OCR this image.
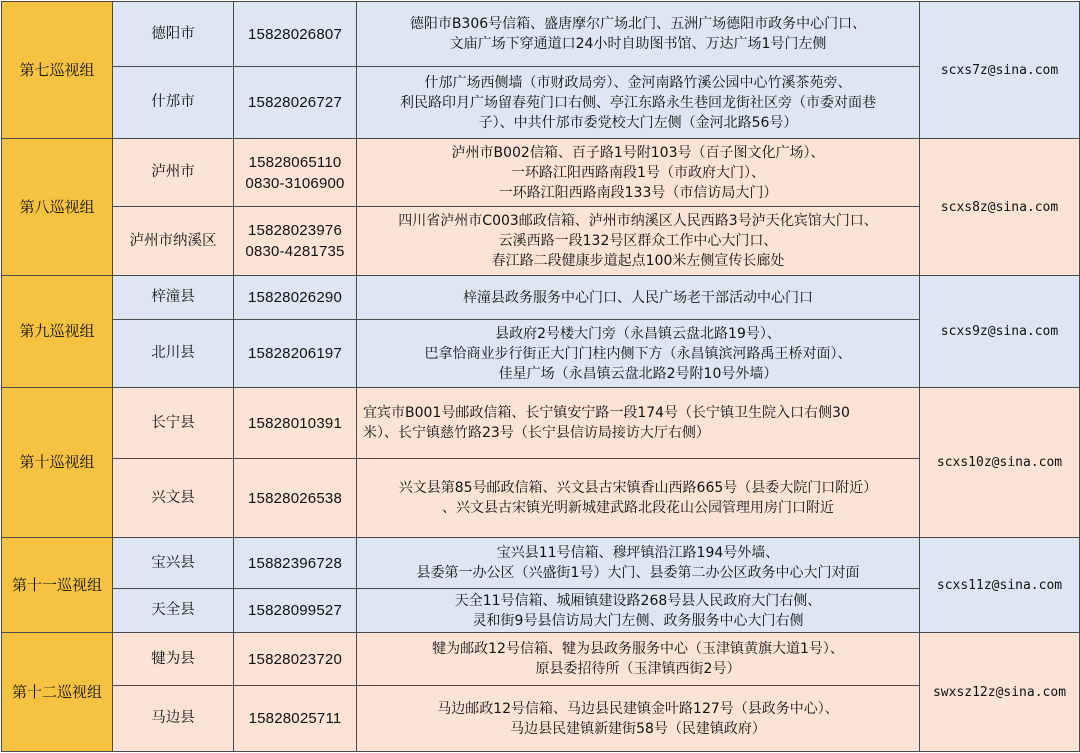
第七巡视组	德阳市	15828026807	德阳市B306号信箱、盛唐摩尔广场北门、五洲广场德阳市政务中心门口、
文庙广场下穿通道口24小时自助图书馆、万达广场1号门左侧	scxs7z@sina.com
	什邡市	15828026727	什邡广场西侧墙（市财政局旁）、金河南路竹溪公园中心竹溪茶苑旁、
利民路印月广场留春苑门口右侧、亭江东路永生巷回龙街社区旁（市委对面巷
子）、中共什邡市委党校大门左侧（金河北路56号）	

第八巡视组	泸州市	15828065110
0830-3106900	泸州市B002信箱、百子路1号附103号（百子图文化广场）、
一环路江阳西路南段1号（市政府大门）、
一环路江阳西路南段133号（市信访局大门）	scxs8z@sina.com
	泸州市纳溪区	15828023976
0830-4281735	四川省泸州市C003邮政信箱、泸州市纳溪区人民西路3号泸天化宾馆大门口、
云溪西路一段132号区群众工作中心大门口、
春江路二段健康步道起点100米左侧宣传长廊处	

第九巡视组	梓潼县	15828026290	梓潼县政务服务中心门口、人民广场老干部活动中心门口	scxs9z@sina.com
	北川县	15828206197	县政府2号楼大门旁（永昌镇云盘北路19号）、
巴拿恰商业步行街正大门门柱内侧下方（永昌镇滨河路禹王桥对面）、
佳星广场（永昌镇云盘北路2号附10号外墙）	

第十巡视组	长宁县	15828010391	宜宾市B001号邮政信箱、长宁镇安宁路一段174号（长宁镇卫生院入口右侧30
米）、长宁镇慈竹路23号（长宁县信访局接访大厅右侧）	scxs10z@sina.com
	兴文县	15828026538	兴文县第85号邮政信箱、兴文县古宋镇香山西路665号（县委大院门口附近）
、兴文县古宋镇光明新城建武路北段花山公园管理用房门口附近	

第十一巡视组	宝兴县	15882396728	宝兴县11号信箱、穆坪镇沿江路194号外墙、
县委第一办公区（兴盛街1号）大门、县委第二办公区政务中心大门对面	scxs11z@sina.com
	天全县	15828099527	天全11号信箱、城厢镇建设路268号县人民政府大门右侧、
灵和街9号县信访局大门左侧、政务服务中心大门右侧	

第十二巡视组	犍为县	15828023720	犍为邮政12号信箱、犍为县政务服务中心（玉津镇黄旗大道1号）、
原县委招待所（玉津镇西街2号）	swxsz12z@sina.com
	马边县	15828025711	马边邮政12号信箱、马边县民建镇金叶路127号（县政务中心）、
马边县民建镇新建街58号（民建镇政府）	
